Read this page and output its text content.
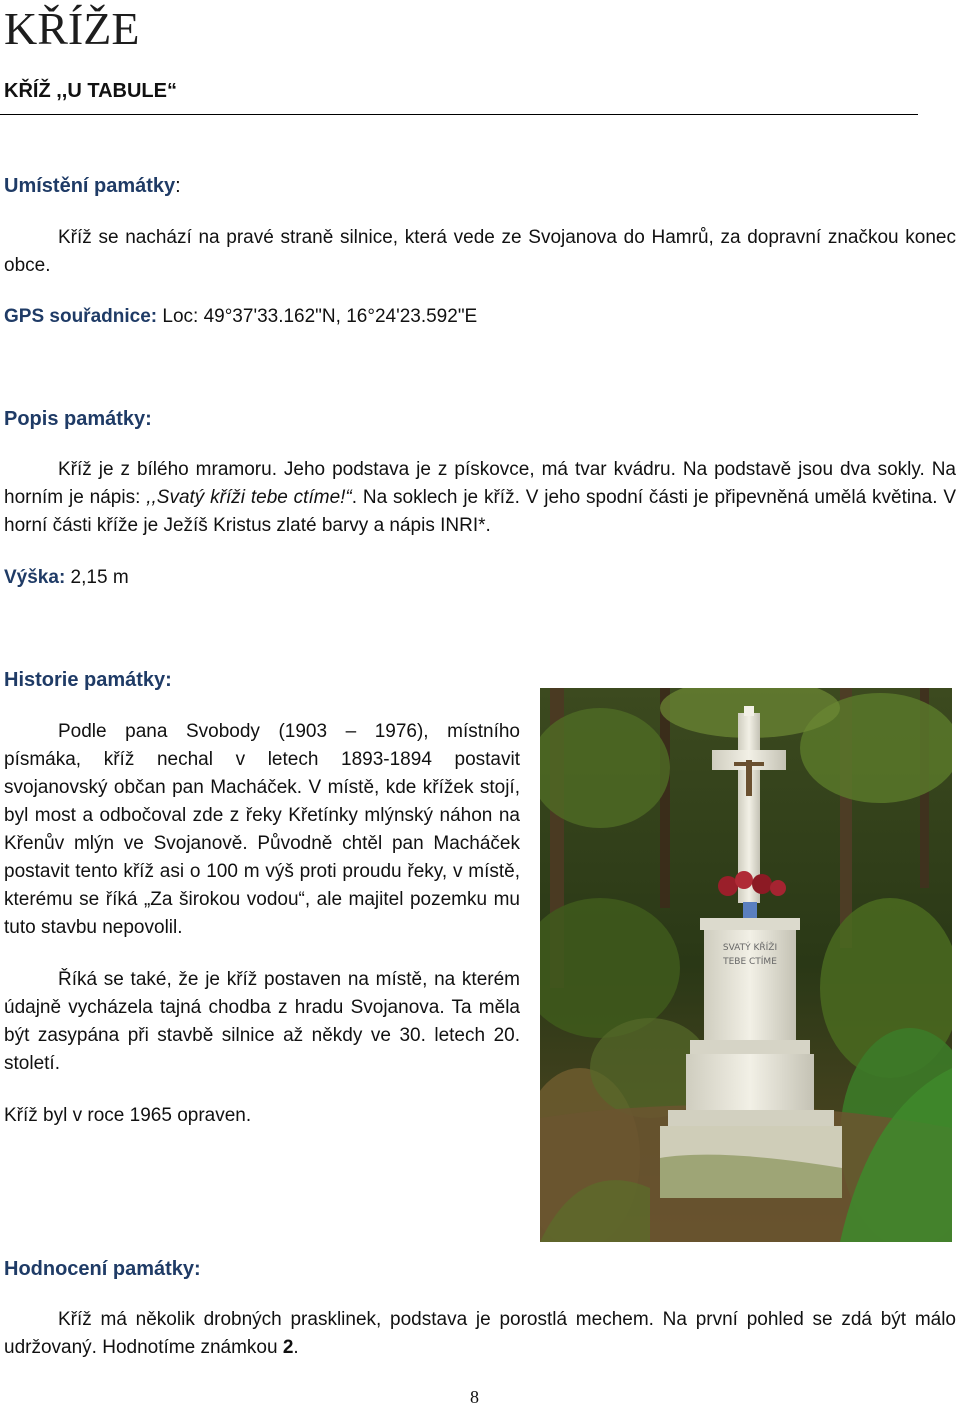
KŘÍŽE
KŘÍŽ ,,U TABULE“
Umístění památky:
Kříž se nachází na pravé straně silnice, která vede ze Svojanova do Hamrů, za dopravní značkou konec obce.
GPS souřadnice: Loc: 49°37'33.162"N, 16°24'23.592"E
Popis památky:
Kříž je z bílého mramoru. Jeho podstava je z pískovce, má tvar kvádru. Na podstavě jsou dva sokly. Na horním je nápis: ,,Svatý kříži tebe ctíme!“. Na soklech je kříž. V jeho spodní části je připevněná umělá květina. V horní části kříže je Ježíš Kristus zlaté barvy a nápis INRI*.
Výška: 2,15 m
Historie památky:
Podle pana Svobody (1903 – 1976), místního písmáka, kříž nechal v letech 1893-1894 postavit svojanovský občan pan Macháček. V místě, kde křížek stojí, byl most a odbočoval zde z řeky Křetínky mlýnský náhon na Křenův mlýn ve Svojanově. Původně chtěl pan Macháček postavit tento kříž asi o 100 m výš proti proudu řeky, v místě, kterému se říká „Za širokou vodou“, ale majitel pozemku mu tuto stavbu nepovolil.
Říká se také, že je kříž postaven na místě, na kterém údajně vycházela tajná chodba z hradu Svojanova. Ta měla být zasypána při stavbě silnice až někdy ve 30. letech 20. století.
Kříž byl v roce 1965 opraven.
SVATÝ KŘÍŽI
TEBE CTÍME
Hodnocení památky:
Kříž má několik drobných prasklinek, podstava je porostlá mechem. Na první pohled se zdá být málo udržovaný. Hodnotíme známkou 2.
8
